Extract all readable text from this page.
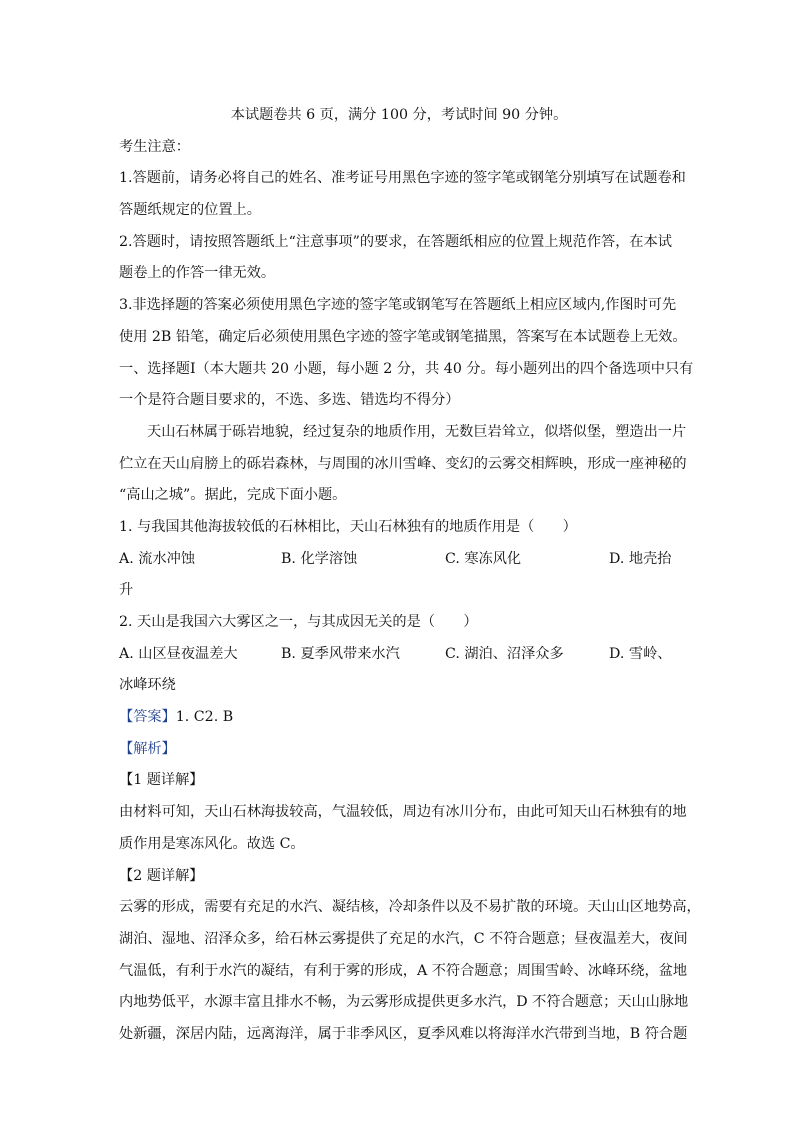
本试题卷共 6 页，满分 100 分，考试时间 90 分钟。
考生注意：
1.答题前，请务必将自己的姓名、准考证号用黑色字迹的签字笔或钢笔分别填写在试题卷和
答题纸规定的位置上。
2.答题时，请按照答题纸上“注意事项”的要求，在答题纸相应的位置上规范作答，在本试
题卷上的作答一律无效。
3.非选择题的答案必须使用黑色字迹的签字笔或钢笔写在答题纸上相应区域内,作图时可先
使用 2B 铅笔，确定后必须使用黑色字迹的签字笔或钢笔描黑，答案写在本试题卷上无效。
一、选择题Ⅰ（本大题共 20 小题，每小题 2 分，共 40 分。每小题列出的四个备选项中只有
一个是符合题目要求的，不选、多选、错选均不得分）
天山石林属于砾岩地貌，经过复杂的地质作用，无数巨岩耸立，似塔似堡，塑造出一片
伫立在天山肩膀上的砾岩森林，与周围的冰川雪峰、变幻的云雾交相辉映，形成一座神秘的
“高山之城”。据此，完成下面小题。
1. 与我国其他海拔较低的石林相比，天山石林独有的地质作用是（　　）
A. 流水冲蚀	B. 化学溶蚀	C. 寒冻风化	D. 地壳抬
升
2. 天山是我国六大雾区之一，与其成因无关的是（　　）
A. 山区昼夜温差大	B. 夏季风带来水汽	C. 湖泊、沼泽众多	D. 雪岭、
冰峰环绕
【答案】1. C2. B
【解析】
【1 题详解】
由材料可知，天山石林海拔较高，气温较低，周边有冰川分布，由此可知天山石林独有的地
质作用是寒冻风化。故选 C。
【2 题详解】
云雾的形成，需要有充足的水汽、凝结核，冷却条件以及不易扩散的环境。天山山区地势高，
湖泊、湿地、沼泽众多，给石林云雾提供了充足的水汽，C 不符合题意；昼夜温差大，夜间
气温低，有利于水汽的凝结，有利于雾的形成，A 不符合题意；周围雪岭、冰峰环绕，盆地
内地势低平，水源丰富且排水不畅，为云雾形成提供更多水汽，D 不符合题意；天山山脉地
处新疆，深居内陆，远离海洋，属于非季风区，夏季风难以将海洋水汽带到当地，B 符合题
